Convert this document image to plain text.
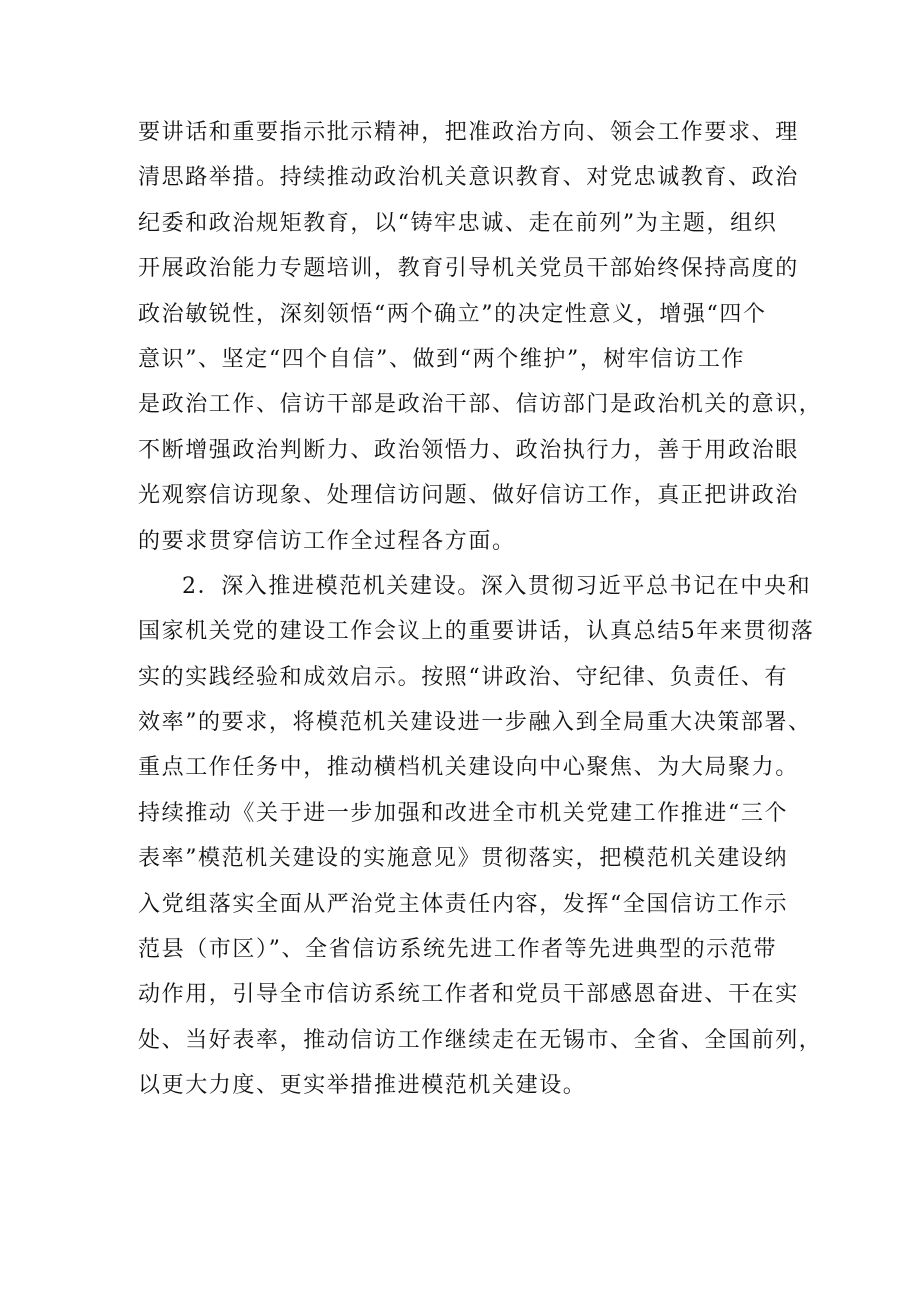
要讲话和重要指示批示精神，把准政治方向、领会工作要求、理
清思路举措。持续推动政治机关意识教育、对党忠诚教育、政治
纪委和政治规矩教育，以“铸牢忠诚、走在前列”为主题，组织
开展政治能力专题培训，教育引导机关党员干部始终保持高度的
政治敏锐性，深刻领悟“两个确立”的决定性意义，增强“四个
意识”、坚定“四个自信”、做到“两个维护”，树牢信访工作
是政治工作、信访干部是政治干部、信访部门是政治机关的意识，
不断增强政治判断力、政治领悟力、政治执行力，善于用政治眼
光观察信访现象、处理信访问题、做好信访工作，真正把讲政治
的要求贯穿信访工作全过程各方面。
2．深入推进模范机关建设。深入贯彻习近平总书记在中央和
国家机关党的建设工作会议上的重要讲话，认真总结5年来贯彻落
实的实践经验和成效启示。按照“讲政治、守纪律、负责任、有
效率”的要求，将模范机关建设进一步融入到全局重大决策部署、
重点工作任务中，推动横档机关建设向中心聚焦、为大局聚力。
持续推动《关于进一步加强和改进全市机关党建工作推进“三个
表率”模范机关建设的实施意见》贯彻落实，把模范机关建设纳
入党组落实全面从严治党主体责任内容，发挥“全国信访工作示
范县（市区）”、全省信访系统先进工作者等先进典型的示范带
动作用，引导全市信访系统工作者和党员干部感恩奋进、干在实
处、当好表率，推动信访工作继续走在无锡市、全省、全国前列，
以更大力度、更实举措推进模范机关建设。
